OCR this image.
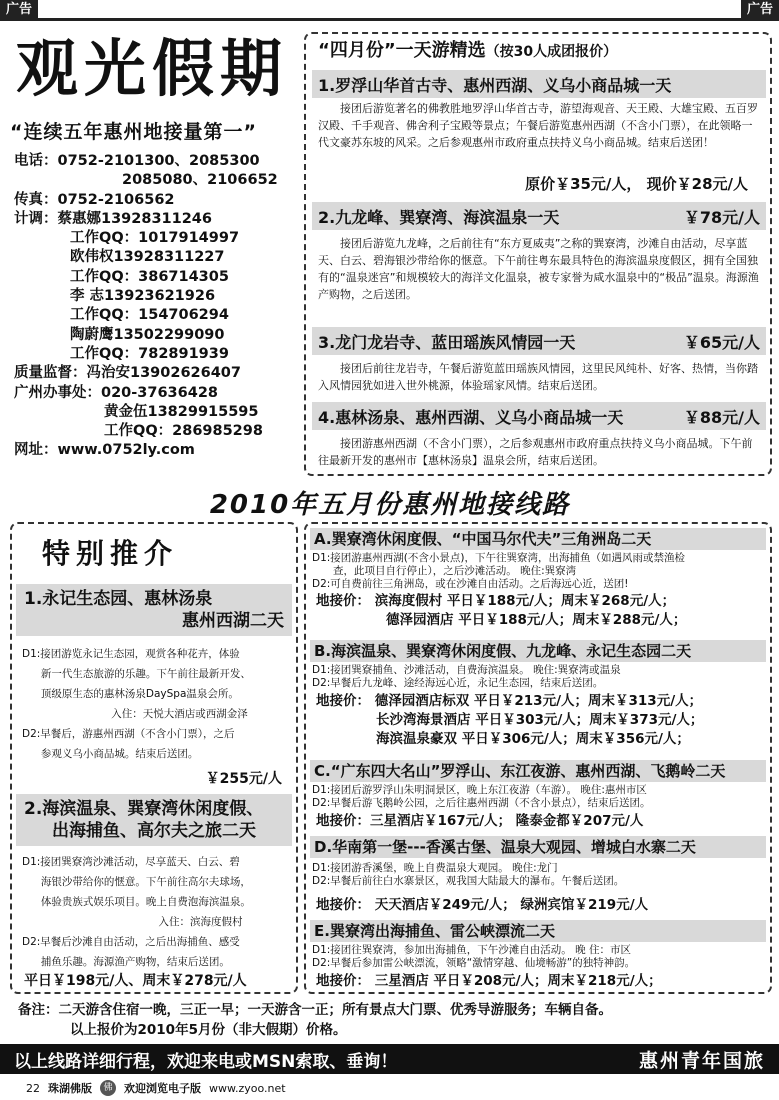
广告	广告
观光假期
“连续五年惠州地接量第一”
电话：0752-2101300、2085300
2085080、2106652
传真：0752-2106562
计调：蔡惠娜13928311246
工作QQ：1017914997
欧伟权13928311227
工作QQ：386714305
李 志13923621926
工作QQ：154706294
陶蔚鹰13502299090
工作QQ：782891939
质量监督：冯治安13902626407
广州办事处：020-37636428
黄金伍13829915595
工作QQ：286985298
网址：www.0752ly.com
“四月份”一天游精选（按30人成团报价）
1.罗浮山华首古寺、惠州西湖、义乌小商品城一天
接团后游览著名的佛教胜地罗浮山华首古寺，游望海观音、天王殿、大雄宝殿、五百罗汉殿、千手观音、佛舍利子宝殿等景点；午餐后游览惠州西湖（不含小门票），在此领略一代文豪苏东坡的风采。之后参观惠州市政府重点扶持义乌小商品城。结束后送团！
原价￥35元/人， 现价￥28元/人
2.九龙峰、巽寮湾、海滨温泉一天	￥78元/人
接团后游览九龙峰，之后前往有“东方夏威夷”之称的巽寮湾，沙滩自由活动，尽享蓝天、白云、碧海银沙带给你的惬意。下午前往粤东最具特色的海滨温泉度假区，拥有全国独有的“温泉迷宫”和规模较大的海洋文化温泉，被专家誉为咸水温泉中的“极品”温泉。海源渔产购物，之后送团。
3.龙门龙岩寺、蓝田瑶族风情园一天	￥65元/人
接团后前往龙岩寺，午餐后游览蓝田瑶族风情园，这里民风纯朴、好客、热情，当你踏入风情园犹如进入世外桃源，体验瑶家风情。结束后送团。
4.惠林汤泉、惠州西湖、义乌小商品城一天	￥88元/人
接团游惠州西湖（不含小门票），之后参观惠州市政府重点扶持义乌小商品城。下午前往最新开发的惠州市【惠林汤泉】温泉会所，结束后送团。
2010年五月份惠州地接线路
特别推介
1.永记生态园、惠林汤泉
惠州西湖二天
D1:接团游览永记生态园，观赏各种花卉，体验
新一代生态旅游的乐趣。下午前往最新开发、
顶级原生态的惠林汤泉DaySpa温泉会所。
入住：天悦大酒店或西湖金泽
D2:早餐后，游惠州西湖（不含小门票），之后
参观义乌小商品城。结束后送团。
￥255元/人
2.海滨温泉、巽寮湾休闲度假、
出海捕鱼、高尔夫之旅二天
D1:接团巽寮湾沙滩活动，尽享蓝天、白云、碧
海银沙带给你的惬意。下午前往高尔夫球场，
体验贵族式娱乐项目。晚上自费泡海滨温泉。
入住：滨海度假村
D2:早餐后沙滩自由活动，之后出海捕鱼、感受
捕鱼乐趣。海源渔产购物，结束后送团。
平日￥198元/人、周末￥278元/人
A.巽寮湾休闲度假、“中国马尔代夫”三角洲岛二天
D1:接团游惠州西湖(不含小景点)，下午往巽寮湾，出海捕鱼（如遇风雨或禁渔检
查，此项目自行停止），之后沙滩活动。 晚住:巽寮湾
D2:可自费前往三角洲岛，或在沙滩自由活动。之后海远心近，送团!
地接价： 滨海度假村 平日￥188元/人；周末￥268元/人；
德泽园酒店 平日￥188元/人；周末￥288元/人；
B.海滨温泉、巽寮湾休闲度假、九龙峰、永记生态园二天
D1:接团巽寮捕鱼、沙滩活动，自费海滨温泉。 晚住:巽寮湾或温泉
D2:早餐后九龙峰、途经海远心近，永记生态园，结束后送团。
地接价： 德泽园酒店标双 平日￥213元/人；周末￥313元/人；
长沙湾海景酒店 平日￥303元/人；周末￥373元/人；
海滨温泉豪双 平日￥306元/人；周末￥356元/人；
C.“广东四大名山”罗浮山、东江夜游、惠州西湖、飞鹅岭二天
D1:接团后游罗浮山朱明洞景区，晚上东江夜游（车游）。 晚住:惠州市区
D2:早餐后游飞鹅岭公园，之后往惠州西湖（不含小景点），结束后送团。
地接价：三星酒店￥167元/人； 隆泰金都￥207元/人
D.华南第一堡---香溪古堡、温泉大观园、增城白水寨二天
D1:接团游香溪堡，晚上自费温泉大观园。 晚住:龙门
D2:早餐后前往白水寨景区，观我国大陆最大的瀑布。午餐后送团。
地接价： 天天酒店￥249元/人； 绿洲宾馆￥219元/人
E.巽寮湾出海捕鱼、雷公峡漂流二天
D1:接团往巽寮湾，参加出海捕鱼，下午沙滩自由活动。 晚 住：市区
D2:早餐后参加雷公峡漂流，领略“激情穿越、仙境畅游”的独特神韵。
地接价： 三星酒店 平日￥208元/人；周末￥218元/人；
备注：二天游含住宿一晚，三正一早；一天游含一正；所有景点大门票、优秀导游服务；车辆自备。
以上报价为2010年5月份（非大假期）价格。
以上线路详细行程，欢迎来电或MSN索取、垂询！	惠州青年国旅
22 珠湖佛版	佛	欢迎浏览电子版 www.zyoo.net
